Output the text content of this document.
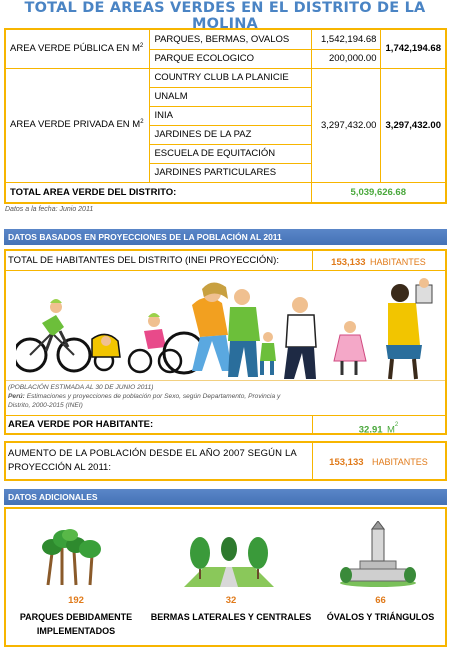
TOTAL DE AREAS VERDES EN EL DISTRITO DE LA MOLINA
AREA VERDE PÚBLICA EN $M^2$	PARQUES, BERMAS, OVALOS	1,542,194.68	1,742,194.68
	PARQUE ECOLOGICO	200,000.00	
AREA VERDE PRIVADA EN $M^2$	COUNTRY CLUB LA PLANICIE	3,297,432.00	3,297,432.00
	UNALM		
	INIA		
	JARDINES DE LA PAZ		
	ESCUELA DE EQUITACIÓN		
	JARDINES PARTICULARES		
TOTAL AREA VERDE DEL DISTRITO:		5,039,626.68	
Datos a la fecha: Junio 2011
DATOS BASADOS EN PROYECCIONES DE LA POBLACIÓN AL 2011
TOTAL DE HABITANTES DEL DISTRITO (INEI PROYECCIÓN):	153,133 HABITANTES
(POBLACIÓN ESTIMADA AL 30 DE JUNIO 2011)
Perú: Estimaciones y proyecciones de población por Sexo, según Departamento, Provincia y
Distrito, 2000-2015 (INEI)
AREA VERDE POR HABITANTE:	32.91 $M^2$
AUMENTO DE LA POBLACIÓN DESDE EL AÑO 2007 SEGÚN LA
PROYECCIÓN AL 2011:	153,133 HABITANTES
DATOS ADICIONALES
192
PARQUES DEBIDAMENTE
IMPLEMENTADOS
32
BERMAS LATERALES Y CENTRALES
66
ÓVALOS Y TRIÁNGULOS
